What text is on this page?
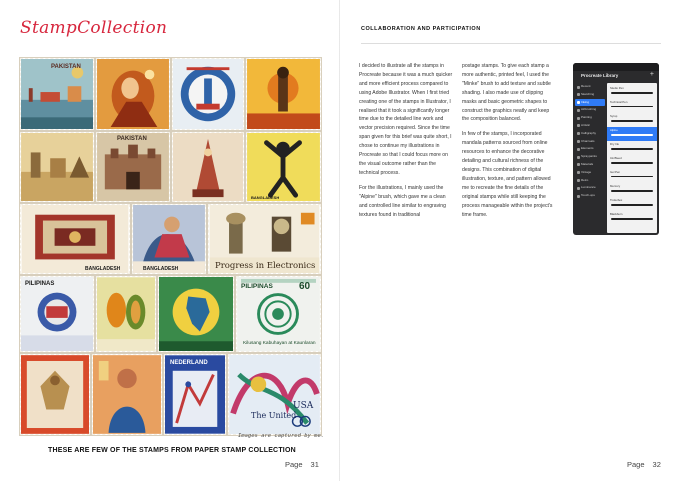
StampCollection
PAKISTAN
PAKISTAN
BANGLADESH
BANGLADESH	BANGLADESH	Progress in Electronics
PILIPINAS	PILIPINAS	60
Kilusang Kabuhayan at Kaunlaran
NEDERLAND
USA
The United
Images are captured by me.
THESE ARE FEW OF THE STAMPS FROM PAPER STAMP COLLECTION
Page 31
COLLABORATION AND PARTICIPATION

I decided to illustrate all the stamps in Procreate because it was a much quicker and more efficient process compared to using Adobe Illustrator. When I first tried creating one of the stamps in Illustrator, I realised that it took a significantly longer time due to the detailed line work and vector precision required. Since the time span given for this brief was quite short, I chose to continue my illustrations in Procreate so that I could focus more on the visual outcome rather than the technical process.

For the illustrations, I mainly used the "Alpine" brush, which gave me a clean and controlled line similar to engraving textures found in traditional

postage stamps. To give each stamp a more authentic, printed feel, I used the "Minke" brush to add texture and subtle shading. I also made use of clipping masks and basic geometric shapes to construct the graphics neatly and keep the composition balanced.

In few of the stamps, I incorporated mandala patterns sourced from online resources to enhance the decorative detailing and cultural richness of the designs. This combination of digital illustration, texture, and pattern allowed me to recreate the fine details of the original stamps while still keeping the process manageable within the project's time frame.

Procreate Library	+
Recent
Sketching
Inking
Airbrushing
Painting
Artistic
Calligraphy
Charcoals
Elements
Spraypaints
Materials
Vintage
Retro
Luminance
Touch-ups
Studio Pen
Technical Pen
Syrup
Alpine
Dry Ink
Ink Bleed
Gel Pen
Mercury
Tinderbox
Blackburn
Page 32
